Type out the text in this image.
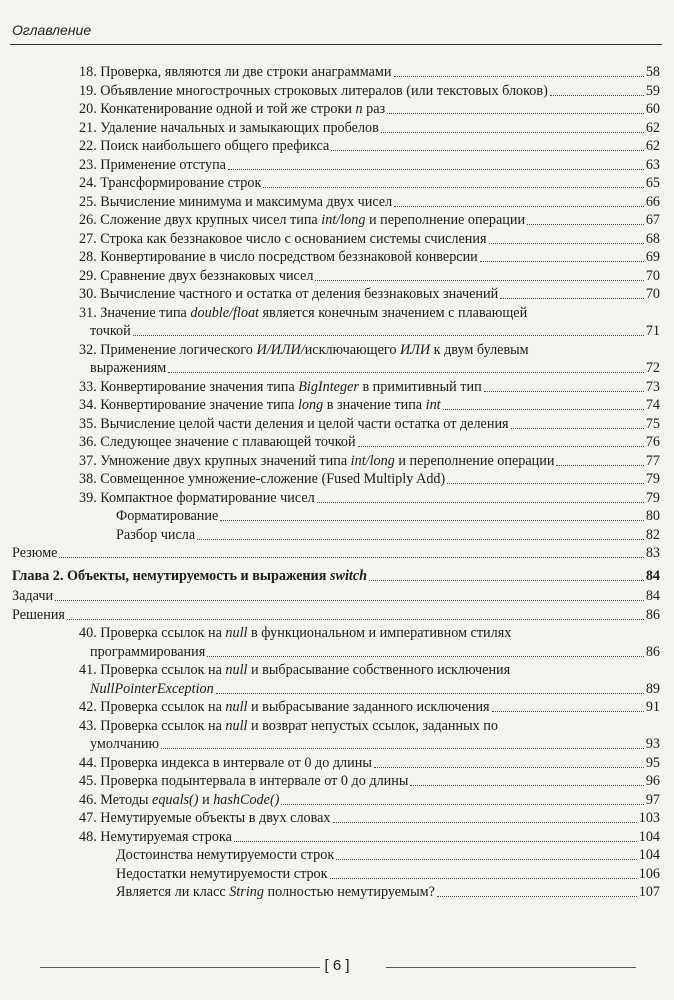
Оглавление
18. Проверка, являются ли две строки анаграммами	58
19. Объявление многострочных строковых литералов (или текстовых блоков)	59
20. Конкатенирование одной и той же строки n раз	60
21. Удаление начальных и замыкающих пробелов	62
22. Поиск наибольшего общего префикса	62
23. Применение отступа	63
24. Трансформирование строк	65
25. Вычисление минимума и максимума двух чисел	66
26. Сложение двух крупных чисел типа int/long и переполнение операции	67
27. Строка как беззнаковое число с основанием системы счисления	68
28. Конвертирование в число посредством беззнаковой конверсии	69
29. Сравнение двух беззнаковых чисел	70
30. Вычисление частного и остатка от деления беззнаковых значений	70
31. Значение типа double/float является конечным значением с плавающей
точкой	71
32. Применение логического И/ИЛИ/исключающего ИЛИ к двум булевым
выражениям	72
33. Конвертирование значения типа BigInteger в примитивный тип	73
34. Конвертирование значение типа long в значение типа int	74
35. Вычисление целой части деления и целой части остатка от деления	75
36. Следующее значение с плавающей точкой	76
37. Умножение двух крупных значений типа int/long и переполнение операции	77
38. Совмещенное умножение-сложение (Fused Multiply Add)	79
39. Компактное форматирование чисел	79
Форматирование	80
Разбор числа	82
Резюме	83
Глава 2. Объекты, немутируемость и выражения switch	84
Задачи	84
Решения	86
40. Проверка ссылок на null в функциональном и императивном стилях
программирования	86
41. Проверка ссылок на null и выбрасывание собственного исключения
NullPointerException	89
42. Проверка ссылок на null и выбрасывание заданного исключения	91
43. Проверка ссылок на null и возврат непустых ссылок, заданных по
умолчанию	93
44. Проверка индекса в интервале от 0 до длины	95
45. Проверка подынтервала в интервале от 0 до длины	96
46. Методы equals() и hashCode()	97
47. Немутируемые объекты в двух словах	103
48. Немутируемая строка	104
Достоинства немутируемости строк	104
Недостатки немутируемости строк	106
Является ли класс String полностью немутируемым?	107
[ 6 ]
